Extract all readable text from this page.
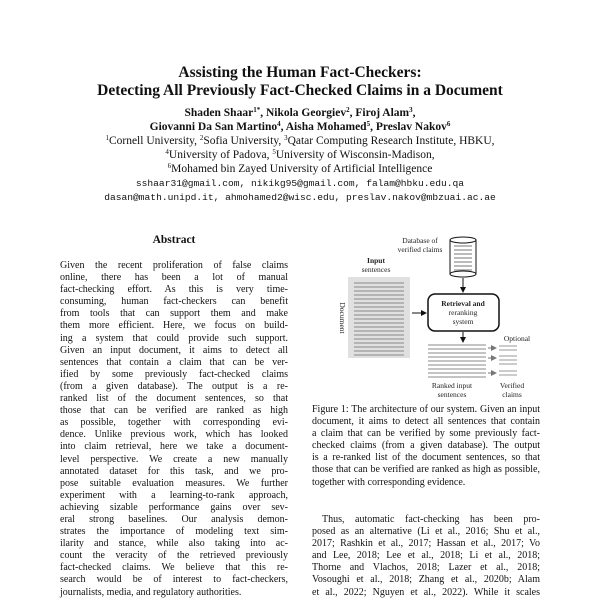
Assisting the Human Fact-Checkers:
Detecting All Previously Fact-Checked Claims in a Document
Shaden Shaar$^{1*}$, Nikola Georgiev$^2$, Firoj Alam$^3$,
Giovanni Da San Martino$^4$, Aisha Mohamed$^5$, Preslav Nakov$^6$
$^1$Cornell University, $^2$Sofia University, $^3$Qatar Computing Research Institute, HBKU,
$^4$University of Padova, $^5$University of Wisconsin-Madison,
$^6$Mohamed bin Zayed University of Artificial Intelligence
sshaar31@gmail.com, nikikg95@gmail.com, falam@hbku.edu.qa
dasan@math.unipd.it, ahmohamed2@wisc.edu, preslav.nakov@mbzuai.ac.ae
Abstract
Given the recent proliferation of false claims
online, there has been a lot of manual
fact-checking effort. As this is very time-
consuming, human fact-checkers can benefit
from tools that can support them and make
them more efficient. Here, we focus on build-
ing a system that could provide such support.
Given an input document, it aims to detect all
sentences that contain a claim that can be ver-
ified by some previously fact-checked claims
(from a given database). The output is a re-
ranked list of the document sentences, so that
those that can be verified are ranked as high
as possible, together with corresponding evi-
dence. Unlike previous work, which has looked
into claim retrieval, here we take a document-
level perspective. We create a new manually
annotated dataset for this task, and we pro-
pose suitable evaluation measures. We further
experiment with a learning-to-rank approach,
achieving sizable performance gains over sev-
eral strong baselines. Our analysis demon-
strates the importance of modeling text sim-
ilarity and stance, while also taking into ac-
count the veracity of the retrieved previously
fact-checked claims. We believe that this re-
search would be of interest to fact-checkers,
journalists, media, and regulatory authorities.
Database of
verified claims
Input
sentences
Document	Retrieval and
reranking
system
Optional
Ranked input
sentences
Verified
claims
Figure 1: The architecture of our system. Given an input
document, it aims to detect all sentences that contain
a claim that can be verified by some previously fact-
checked claims (from a given database). The output
is a re-ranked list of the document sentences, so that
those that can be verified are ranked as high as possible,
together with corresponding evidence.
Thus, automatic fact-checking has been pro-
posed as an alternative (Li et al., 2016; Shu et al.,
2017; Rashkin et al., 2017; Hassan et al., 2017; Vo
and Lee, 2018; Lee et al., 2018; Li et al., 2018;
Thorne and Vlachos, 2018; Lazer et al., 2018;
Vosoughi et al., 2018; Zhang et al., 2020b; Alam
et al., 2022; Nguyen et al., 2022). While it scales
